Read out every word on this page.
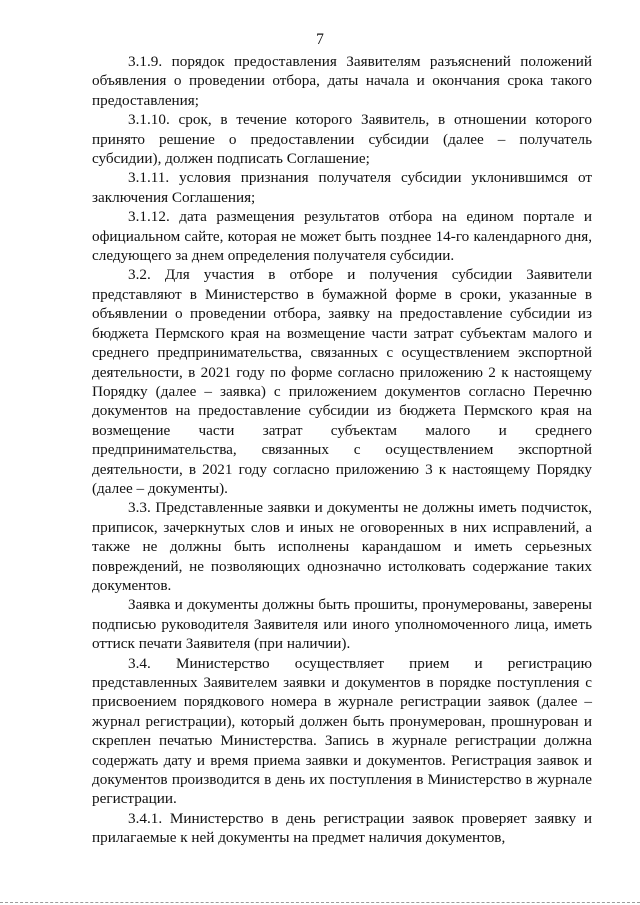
7

3.1.9. порядок предоставления Заявителям разъяснений положений объявления о проведении отбора, даты начала и окончания срока такого предоставления;

3.1.10. срок, в течение которого Заявитель, в отношении которого принято решение о предоставлении субсидии (далее – получатель субсидии), должен подписать Соглашение;

3.1.11. условия признания получателя субсидии уклонившимся от заключения Соглашения;

3.1.12. дата размещения результатов отбора на едином портале и официальном сайте, которая не может быть позднее 14-го календарного дня, следующего за днем определения получателя субсидии.

3.2. Для участия в отборе и получения субсидии Заявители представляют в Министерство в бумажной форме в сроки, указанные в объявлении о проведении отбора, заявку на предоставление субсидии из бюджета Пермского края на возмещение части затрат субъектам малого и среднего предпринимательства, связанных с осуществлением экспортной деятельности, в 2021 году по форме согласно приложению 2 к настоящему Порядку (далее – заявка) с приложением документов согласно Перечню документов на предоставление субсидии из бюджета Пермского края на возмещение части затрат субъектам малого и среднего предпринимательства, связанных с осуществлением экспортной деятельности, в 2021 году согласно приложению 3 к настоящему Порядку (далее – документы).

3.3. Представленные заявки и документы не должны иметь подчисток, приписок, зачеркнутых слов и иных не оговоренных в них исправлений, а также не должны быть исполнены карандашом и иметь серьезных повреждений, не позволяющих однозначно истолковать содержание таких документов.

Заявка и документы должны быть прошиты, пронумерованы, заверены подписью руководителя Заявителя или иного уполномоченного лица, иметь оттиск печати Заявителя (при наличии).

3.4. Министерство осуществляет прием и регистрацию представленных Заявителем заявки и документов в порядке поступления с присвоением порядкового номера в журнале регистрации заявок (далее – журнал регистрации), который должен быть пронумерован, прошнурован и скреплен печатью Министерства. Запись в журнале регистрации должна содержать дату и время приема заявки и документов. Регистрация заявок и документов производится в день их поступления в Министерство в журнале регистрации.

3.4.1. Министерство в день регистрации заявок проверяет заявку и прилагаемые к ней документы на предмет наличия документов,
